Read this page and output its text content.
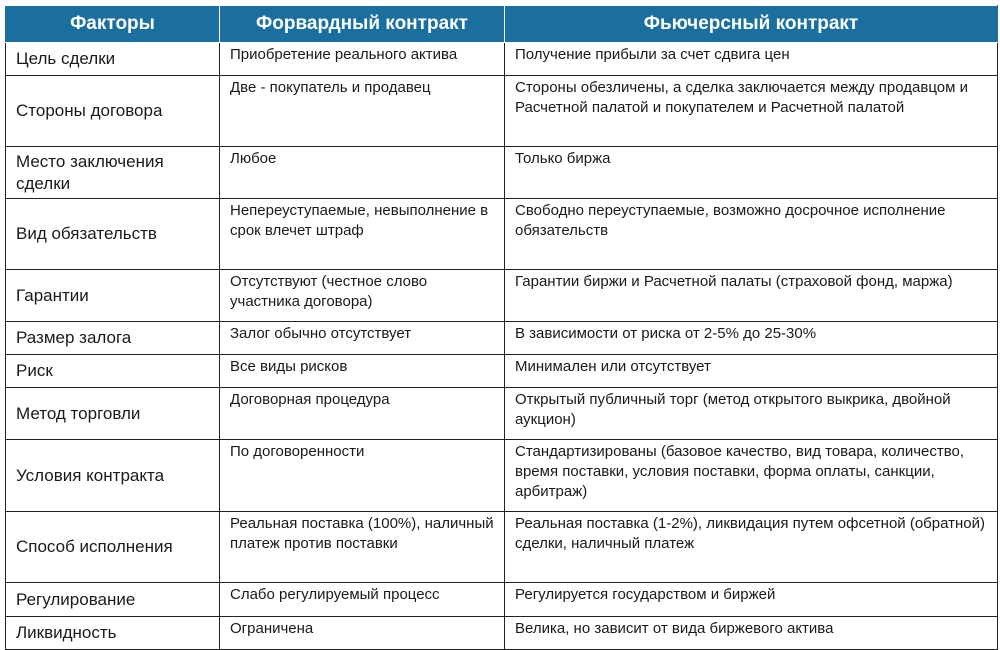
Факторы	Форвардный контракт	Фьючерсный контракт
Цель сделки	Приобретение реального актива	Получение прибыли за счет сдвига цен
Стороны договора	Две - покупатель и продавец	Стороны обезличены, а сделка заключается между продавцом и Расчетной палатой и покупателем и Расчетной палатой
Место заключения сделки	Любое	Только биржа
Вид обязательств	Непереуступаемые, невыполнение в срок влечет штраф	Свободно переуступаемые, возможно досрочное исполнение обязательств
Гарантии	Отсутствуют (честное слово участника договора)	Гарантии биржи и Расчетной палаты (страховой фонд, маржа)
Размер залога	Залог обычно отсутствует	В зависимости от риска от 2-5% до 25-30%
Риск	Все виды рисков	Минимален или отсутствует
Метод торговли	Договорная процедура	Открытый публичный торг (метод открытого выкрика, двойной аукцион)
Условия контракта	По договоренности	Стандартизированы (базовое качество, вид товара, количество, время поставки, условия поставки, форма оплаты, санкции, арбитраж)
Способ исполнения	Реальная поставка (100%), наличный платеж против поставки	Реальная поставка (1-2%), ликвидация путем офсетной (обратной) сделки, наличный платеж
Регулирование	Слабо регулируемый процесс	Регулируется государством и биржей
Ликвидность	Ограничена	Велика, но зависит от вида биржевого актива
